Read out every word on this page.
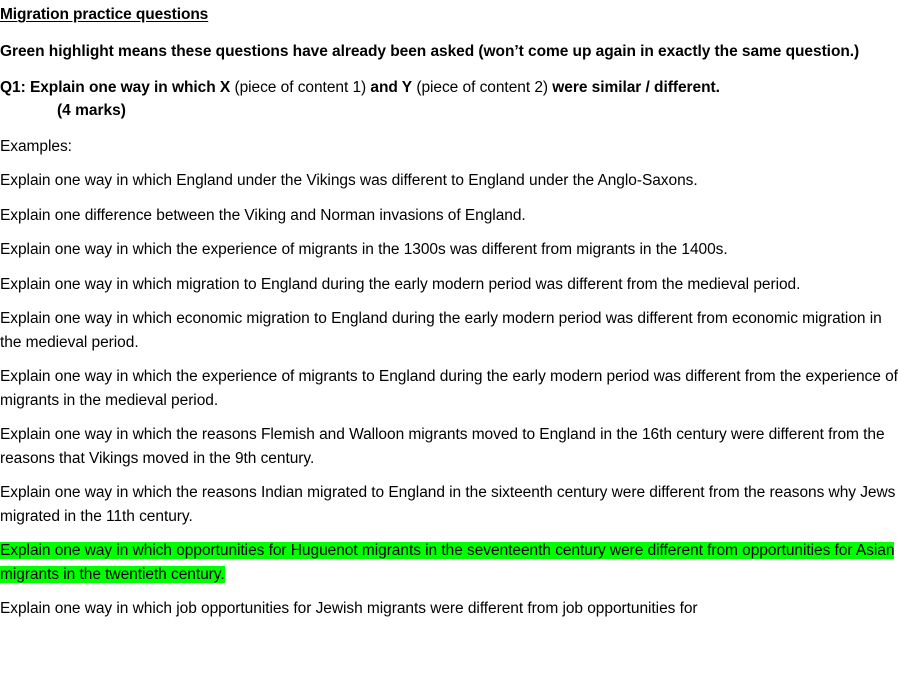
Migration practice questions

Green highlight means these questions have already been asked (won’t come up again in exactly the same question.)

Q1: Explain one way in which X (piece of content 1) and Y (piece of content 2) were similar / different.

(4 marks)

Examples:

Explain one way in which England under the Vikings was different to England under the Anglo-Saxons.

Explain one difference between the Viking and Norman invasions of England.

Explain one way in which the experience of migrants in the 1300s was different from migrants in the 1400s.

Explain one way in which migration to England during the early modern period was different from the medieval period.

Explain one way in which economic migration to England during the early modern period was different from economic migration in the medieval period.

Explain one way in which the experience of migrants to England during the early modern period was different from the experience of migrants in the medieval period.

Explain one way in which the reasons Flemish and Walloon migrants moved to England in the 16th century were different from the reasons that Vikings moved in the 9th century.

Explain one way in which the reasons Indian migrated to England in the sixteenth century were different from the reasons why Jews migrated in the 11th century.

Explain one way in which opportunities for Huguenot migrants in the seventeenth century were different from opportunities for Asian migrants in the twentieth century.

Explain one way in which job opportunities for Jewish migrants were different from job opportunities for
